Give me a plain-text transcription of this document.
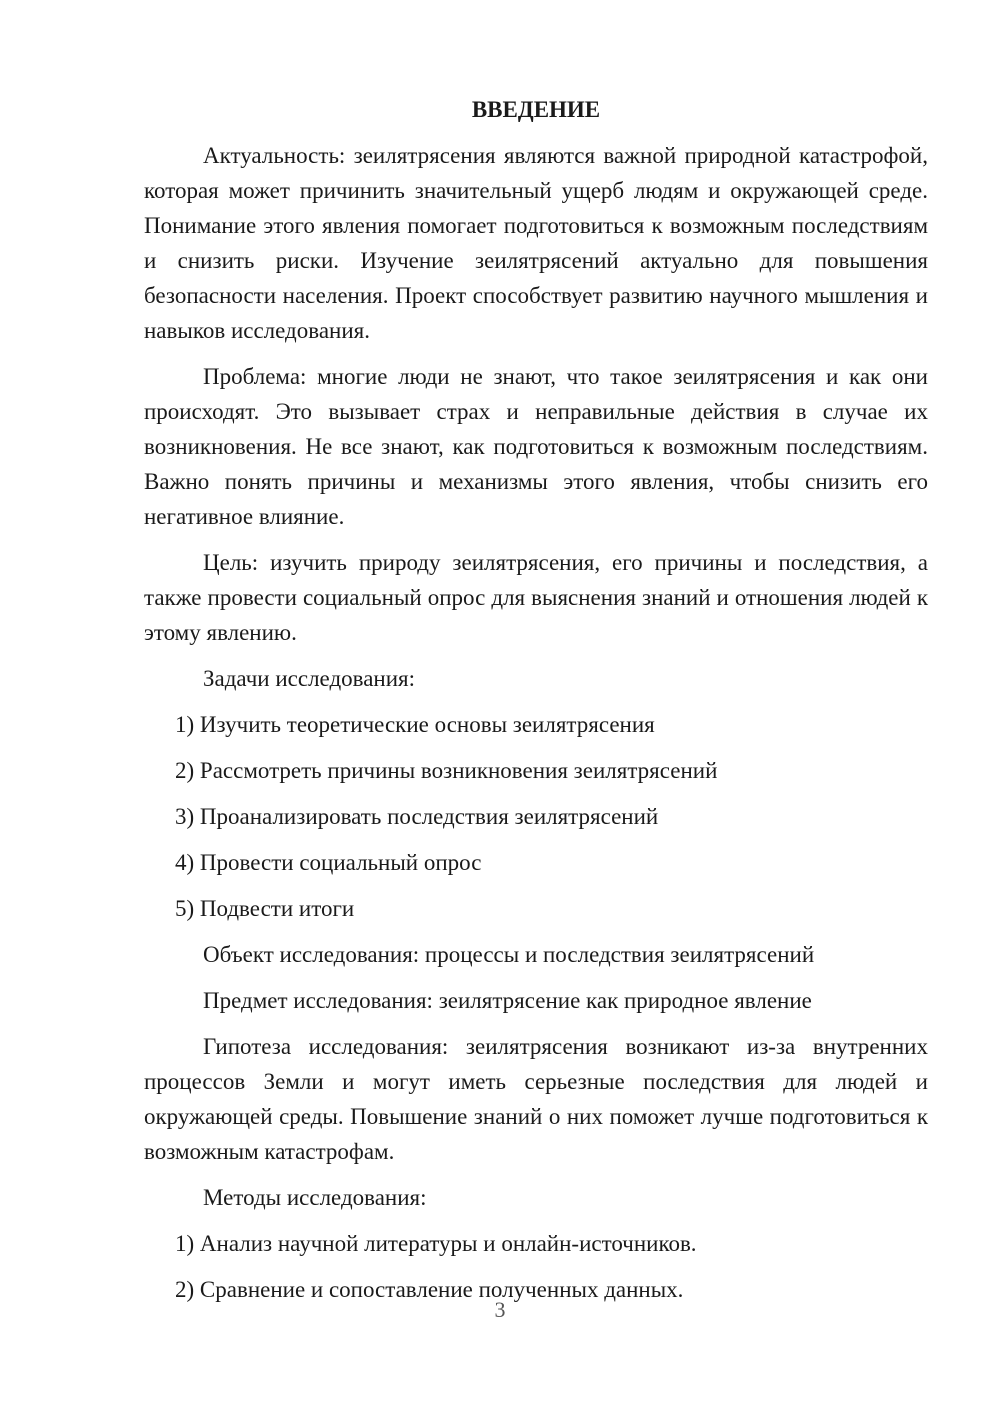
ВВЕДЕНИЕ

Актуальность: зеилятрясения являются важной природной катастрофой, которая может причинить значительный ущерб людям и окружающей среде. Понимание этого явления помогает подготовиться к возможным последствиям и снизить риски. Изучение зеилятрясений актуально для повышения безопасности населения. Проект способствует развитию научного мышления и навыков исследования.

Проблема: многие люди не знают, что такое зеилятрясения и как они происходят. Это вызывает страх и неправильные действия в случае их возникновения. Не все знают, как подготовиться к возможным последствиям. Важно понять причины и механизмы этого явления, чтобы снизить его негативное влияние.

Цель: изучить природу зеилятрясения, его причины и последствия, а также провести социальный опрос для выяснения знаний и отношения людей к этому явлению.

Задачи исследования:

1) Изучить теоретические основы зеилятрясения
2) Рассмотреть причины возникновения зеилятрясений
3) Проанализировать последствия зеилятрясений
4) Провести социальный опрос
5) Подвести итоги

Объект исследования: процессы и последствия зеилятрясений

Предмет исследования: зеилятрясение как природное явление

Гипотеза исследования: зеилятрясения возникают из-за внутренних процессов Земли и могут иметь серьезные последствия для людей и окружающей среды. Повышение знаний о них поможет лучше подготовиться к возможным катастрофам.

Методы исследования:

1) Анализ научной литературы и онлайн-источников.
2) Сравнение и сопоставление полученных данных.
3
